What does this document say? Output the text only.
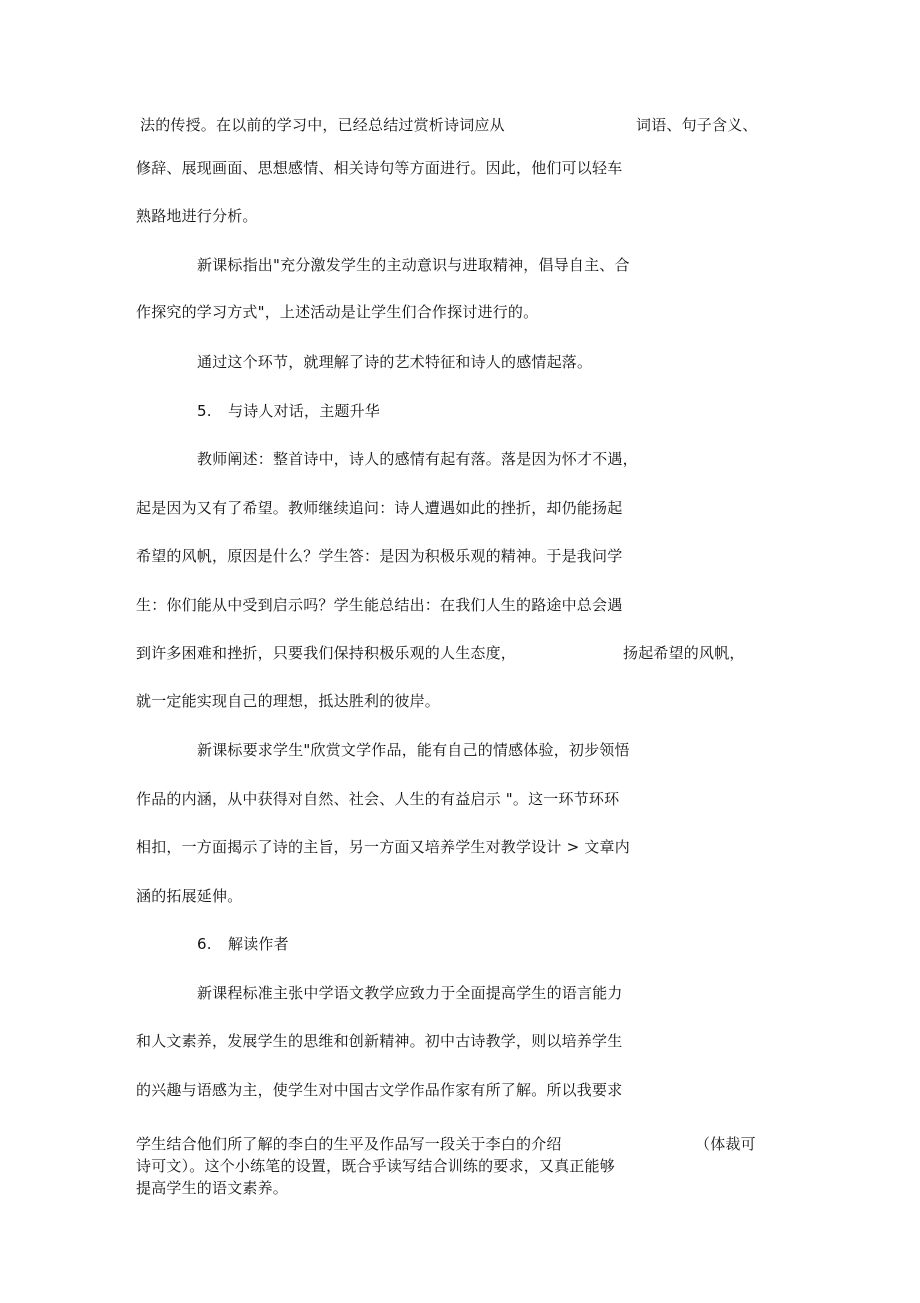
法的传授。在以前的学习中，已经总结过赏析诗词应从	词语、句子含义、

修辞、展现画面、思想感情、相关诗句等方面进行。因此，他们可以轻车

熟路地进行分析。

新课标指出"充分激发学生的主动意识与进取精神，倡导自主、合

作探究的学习方式"，上述活动是让学生们合作探讨进行的。

通过这个环节，就理解了诗的艺术特征和诗人的感情起落。

5. 与诗人对话，主题升华

教师阐述：整首诗中，诗人的感情有起有落。落是因为怀才不遇，

起是因为又有了希望。教师继续追问：诗人遭遇如此的挫折，却仍能扬起

希望的风帆，原因是什么？学生答：是因为积极乐观的精神。于是我问学

生：你们能从中受到启示吗？学生能总结出：在我们人生的路途中总会遇

到许多困难和挫折，只要我们保持积极乐观的人生态度，	扬起希望的风帆，

就一定能实现自己的理想，抵达胜利的彼岸。

新课标要求学生"欣赏文学作品，能有自己的情感体验，初步领悟

作品的内涵，从中获得对自然、社会、人生的有益启示 "。这一环节环环

相扣，一方面揭示了诗的主旨，另一方面又培养学生对教学设计 > 文章内

涵的拓展延伸。

6. 解读作者

新课程标准主张中学语文教学应致力于全面提高学生的语言能力

和人文素养，发展学生的思维和创新精神。初中古诗教学，则以培养学生

的兴趣与语感为主，使学生对中国古文学作品作家有所了解。所以我要求

学生结合他们所了解的李白的生平及作品写一段关于李白的介绍	（体裁可

诗可文）。这个小练笔的设置，既合乎读写结合训练的要求，又真正能够

提高学生的语文素养。
